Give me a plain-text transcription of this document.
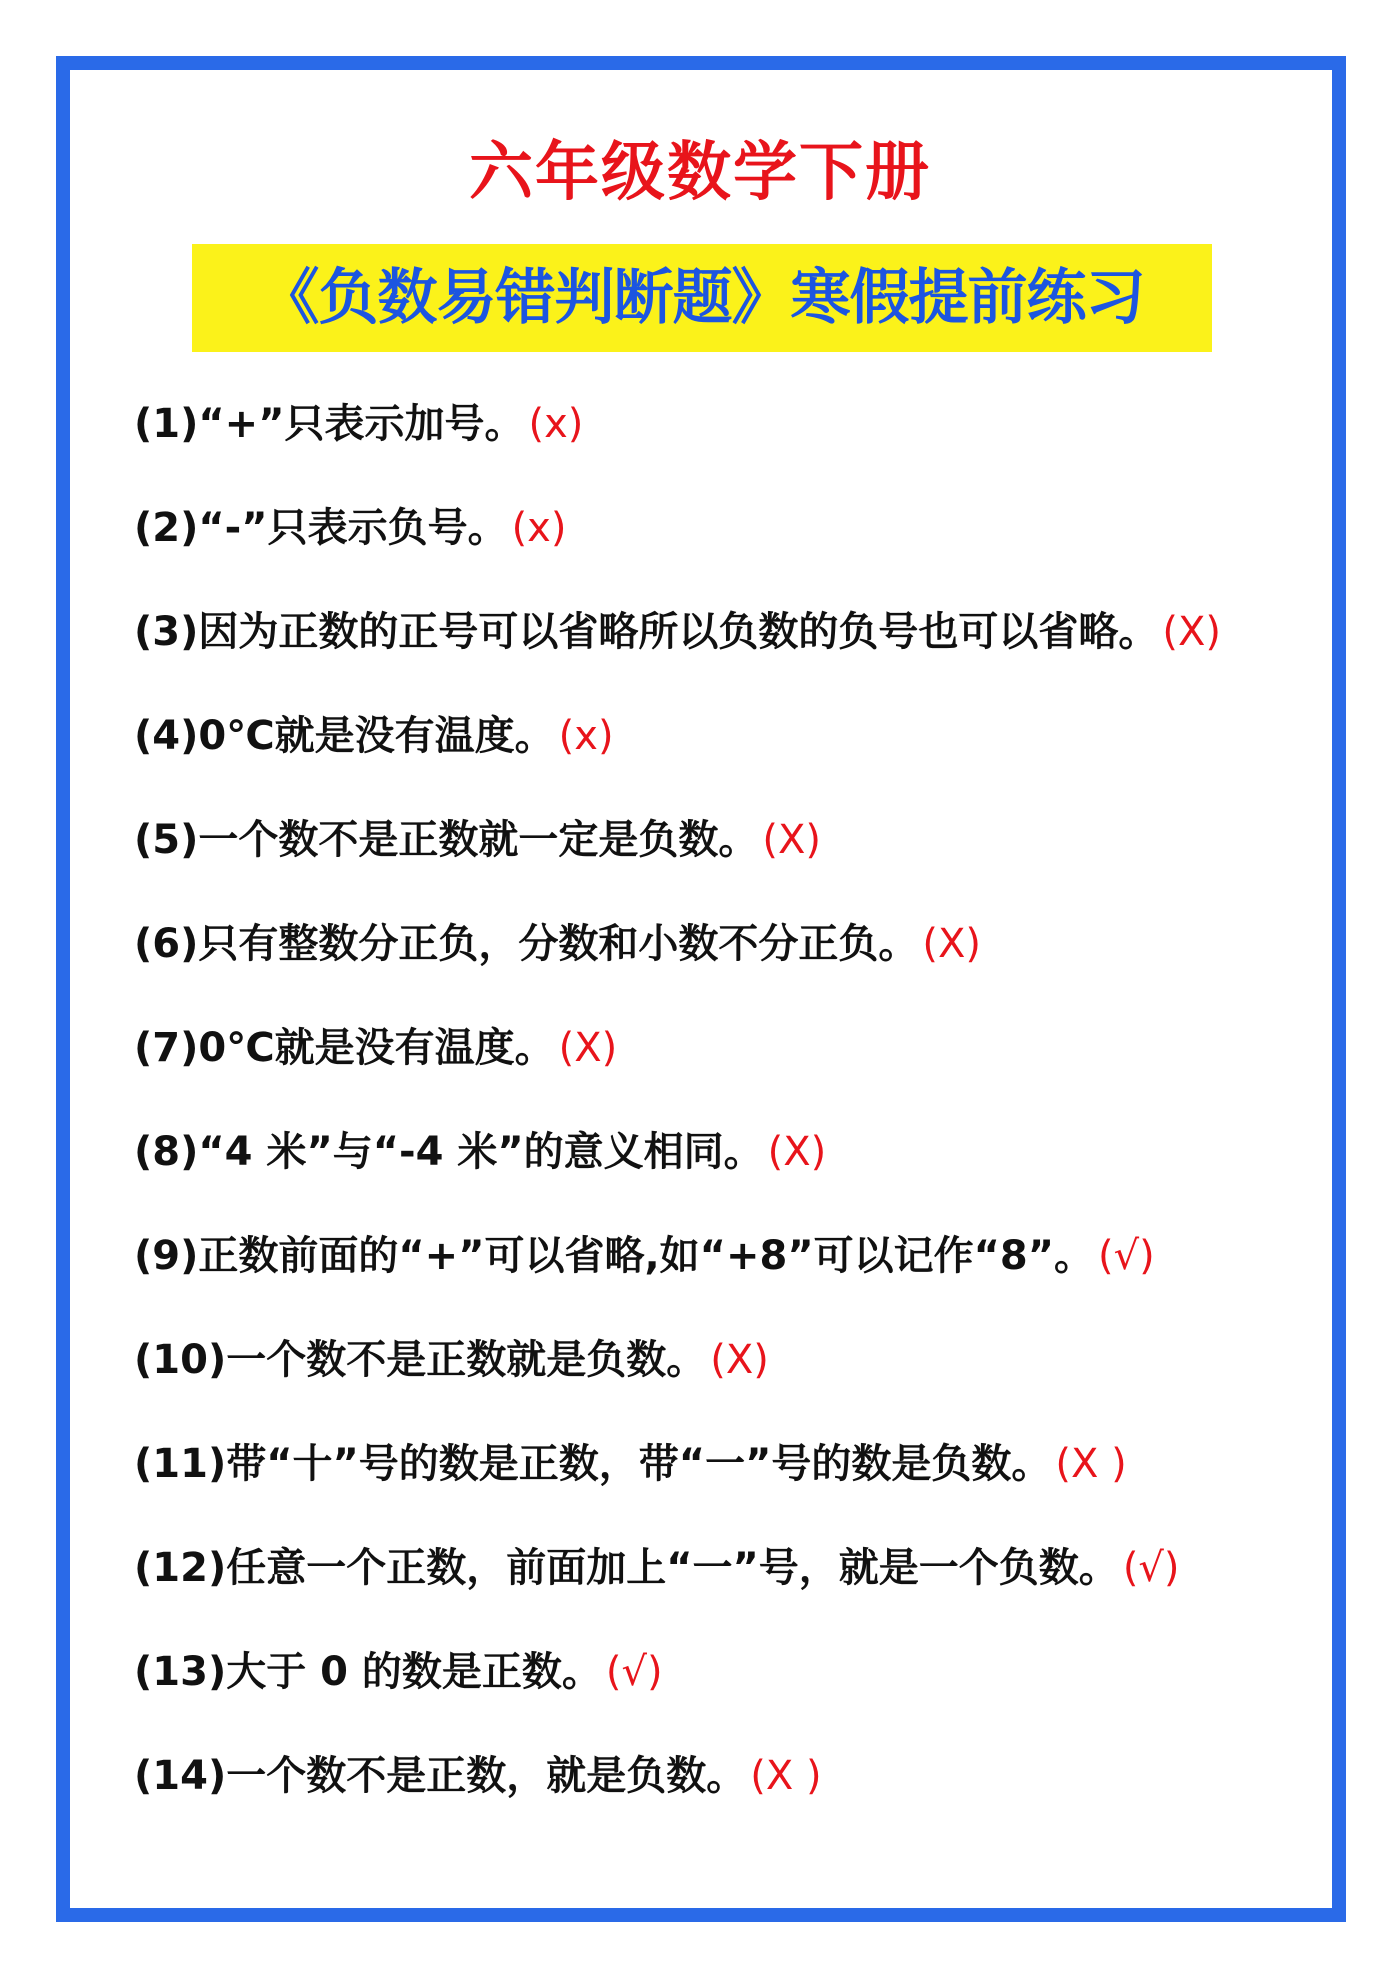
六年级数学下册
《负数易错判断题》寒假提前练习
(1)“+”只表示加号。 (x)
(2)“-”只表示负号。 (x)
(3)因为正数的正号可以省略所以负数的负号也可以省略。 (X)
(4)0℃就是没有温度。 (x)
(5)一个数不是正数就一定是负数。 (X)
(6)只有整数分正负，分数和小数不分正负。 (X)
(7)0℃就是没有温度。 (X)
(8)“4 米”与“-4 米”的意义相同。 (X)
(9)正数前面的“+”可以省略,如“+8”可以记作“8”。 (√)
(10)一个数不是正数就是负数。 (X)
(11)带“十”号的数是正数，带“一”号的数是负数。 (X )
(12)任意一个正数，前面加上“一”号，就是一个负数。 (√)
(13)大于 0 的数是正数。 (√)
(14)一个数不是正数，就是负数。 (X )
